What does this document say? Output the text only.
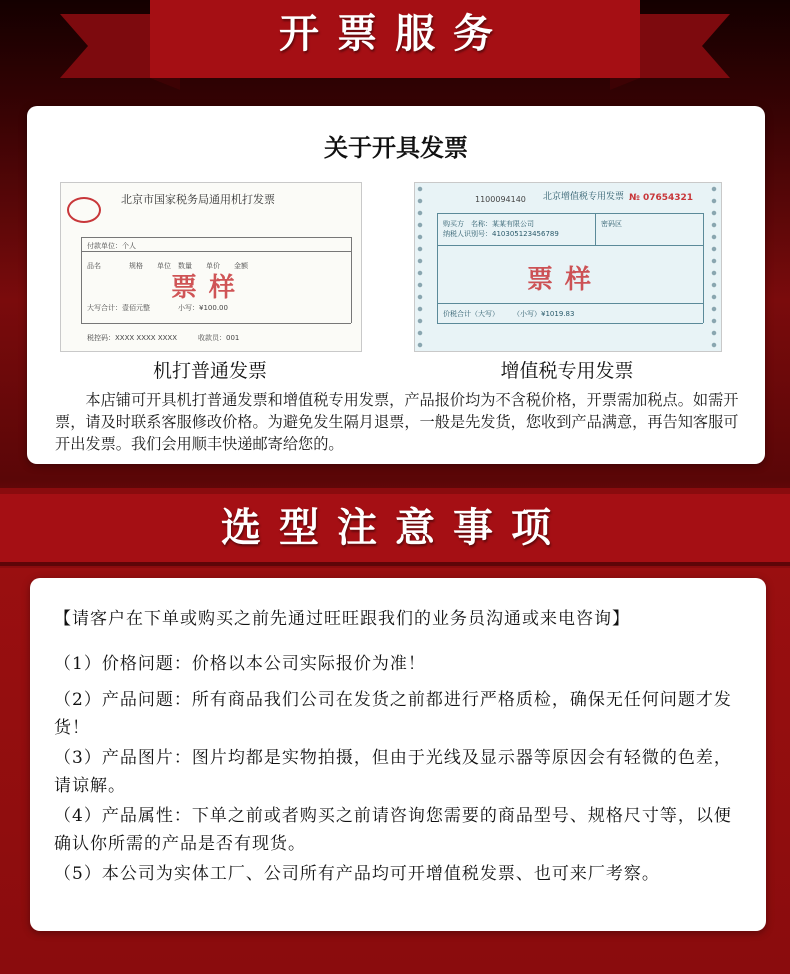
开票服务
关于开具发票
北京市国家税务局通用机打发票
付款单位：个人
品名　　　　规格　　单位　数量　　单价　　金额
大写合计：壹佰元整　　　　小写：¥100.00
税控码：XXXX XXXX XXXX　　　收款员：001
票样
1100094140 北京增值税专用发票 № 07654321
购买方　名称：某某有限公司
纳税人识别号：410305123456789
密码区
价税合计（大写）　　　（小写）¥1019.83
票样
机打普通发票	增值税专用发票
本店铺可开具机打普通发票和增值税专用发票，产品报价均为不含税价格，开票需加税点。如需开票，请及时联系客服修改价格。为避免发生隔月退票，一般是先发货，您收到产品满意，再告知客服可开出发票。我们会用顺丰快递邮寄给您的。
选型注意事项
【请客户在下单或购买之前先通过旺旺跟我们的业务员沟通或来电咨询】
（1）价格问题：价格以本公司实际报价为准！
（2）产品问题：所有商品我们公司在发货之前都进行严格质检，确保无任何问题才发货！
（3）产品图片：图片均都是实物拍摄，但由于光线及显示器等原因会有轻微的色差，请谅解。
（4）产品属性：下单之前或者购买之前请咨询您需要的商品型号、规格尺寸等，以便确认你所需的产品是否有现货。
（5）本公司为实体工厂、公司所有产品均可开增值税发票、也可来厂考察。
